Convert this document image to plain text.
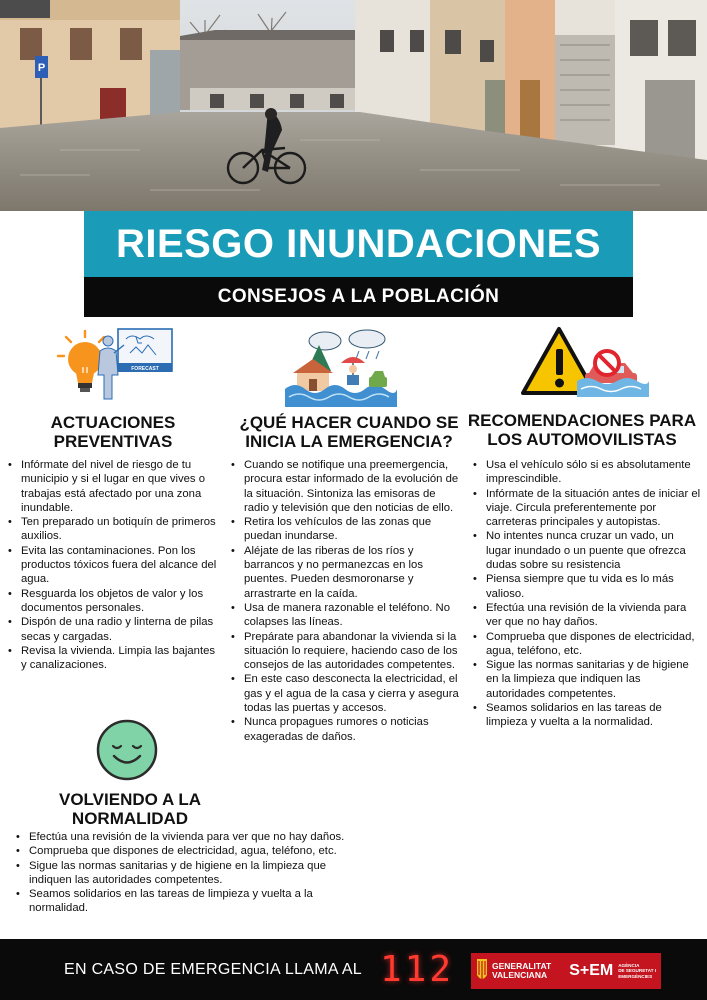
P
RIESGO INUNDACIONES
CONSEJOS A LA POBLACIÓN
FORECAST
ACTUACIONES
PREVENTIVAS
• Infórmate del nivel de riesgo de tu municipio y si el lugar en que vives o trabajas está afectado por una zona inundable.
• Ten preparado un botiquín de primeros auxilios.
• Evita las contaminaciones. Pon los productos tóxicos fuera del alcance del agua.
• Resguarda los objetos de valor y los documentos personales.
• Dispón de una radio y linterna de pilas secas y cargadas.
• Revisa la vivienda. Limpia las bajantes y canalizaciones.
¿QUÉ HACER CUANDO SE
INICIA LA EMERGENCIA?
• Cuando se notifique una preemergencia, procura estar informado de la evolución de la situación. Sintoniza las emisoras de radio y televisión que den noticias de ello.
• Retira los vehículos de las zonas que puedan inundarse.
• Aléjate de las riberas de los ríos y barrancos y no permanezcas en los puentes. Pueden desmoronarse y arrastrarte en la caída.
• Usa de manera razonable el teléfono. No colapses las líneas.
• Prepárate para abandonar la vivienda si la situación lo requiere, haciendo caso de los consejos de las autoridades competentes.
• En este caso desconecta la electricidad, el gas y el agua de la casa y cierra y asegura todas las puertas y accesos.
• Nunca propagues rumores o noticias exageradas de daños.
RECOMENDACIONES PARA
LOS AUTOMOVILISTAS
• Usa el vehículo sólo si es absolutamente imprescindible.
• Infórmate de la situación antes de iniciar el viaje. Circula preferentemente por carreteras principales y autopistas.
• No intentes nunca cruzar un vado, un lugar inundado o un puente que ofrezca dudas sobre su resistencia
• Piensa siempre que tu vida es lo más valioso.
• Efectúa una revisión de la vivienda para ver que no hay daños.
• Comprueba que dispones de electricidad, agua, teléfono, etc.
• Sigue las normas sanitarias y de higiene en la limpieza que indiquen las autoridades competentes.
• Seamos solidarios en las tareas de limpieza y vuelta a la normalidad.
VOLVIENDO A LA
NORMALIDAD
• Efectúa una revisión de la vivienda para ver que no hay daños.
• Comprueba que dispones de electricidad, agua, teléfono, etc.
• Sigue las normas sanitarias y de higiene en la limpieza que indiquen las autoridades competentes.
• Seamos solidarios en las tareas de limpieza y vuelta a la normalidad.
EN CASO DE EMERGENCIA LLAMA AL 112	GENERALITAT
VALENCIANA S+EM AGÈNCIA
DE SEGURETAT I
EMERGÈNCIES
